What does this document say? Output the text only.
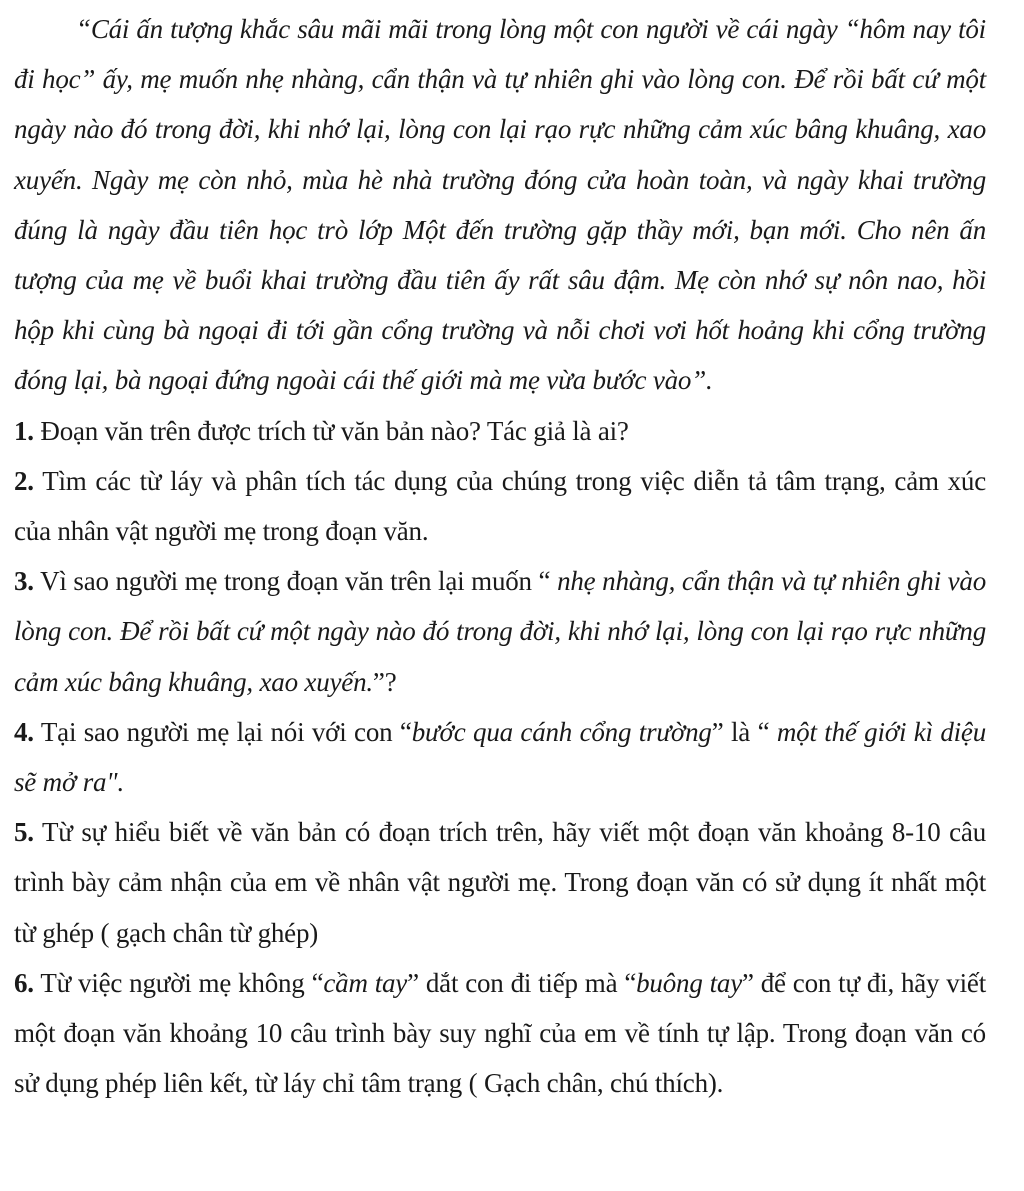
“Cái ấn tượng khắc sâu mãi mãi trong lòng một con người về cái ngày “hôm nay tôi đi học” ấy, mẹ muốn nhẹ nhàng, cẩn thận và tự nhiên ghi vào lòng con. Để rồi bất cứ một ngày nào đó trong đời, khi nhớ lại, lòng con lại rạo rực những cảm xúc bâng khuâng, xao xuyến. Ngày mẹ còn nhỏ, mùa hè nhà trường đóng cửa hoàn toàn, và ngày khai trường đúng là ngày đầu tiên học trò lớp Một đến trường gặp thầy mới, bạn mới. Cho nên ấn tượng của mẹ về buổi khai trường đầu tiên ấy rất sâu đậm. Mẹ còn nhớ sự nôn nao, hồi hộp khi cùng bà ngoại đi tới gần cổng trường và nỗi chơi vơi hốt hoảng khi cổng trường đóng lại, bà ngoại đứng ngoài cái thế giới mà mẹ vừa bước vào”.

1. Đoạn văn trên được trích từ văn bản nào? Tác giả là ai?

2. Tìm các từ láy và phân tích tác dụng của chúng trong việc diễn tả tâm trạng, cảm xúc của nhân vật người mẹ trong đoạn văn.

3. Vì sao người mẹ trong đoạn văn trên lại muốn “ nhẹ nhàng, cẩn thận và tự nhiên ghi vào lòng con. Để rồi bất cứ một ngày nào đó trong đời, khi nhớ lại, lòng con lại rạo rực những cảm xúc bâng khuâng, xao xuyến.”?

4. Tại sao người mẹ lại nói với con “bước qua cánh cổng trường” là “ một thế giới kì diệu sẽ mở ra".

5. Từ sự hiểu biết về văn bản có đoạn trích trên, hãy viết một đoạn văn khoảng 8-10 câu trình bày cảm nhận của em về nhân vật người mẹ. Trong đoạn văn có sử dụng ít nhất một từ ghép ( gạch chân từ ghép)

6. Từ việc người mẹ không “cầm tay” dắt con đi tiếp mà “buông tay” để con tự đi, hãy viết một đoạn văn khoảng 10 câu trình bày suy nghĩ của em về tính tự lập. Trong đoạn văn có sử dụng phép liên kết, từ láy chỉ tâm trạng ( Gạch chân, chú thích).
